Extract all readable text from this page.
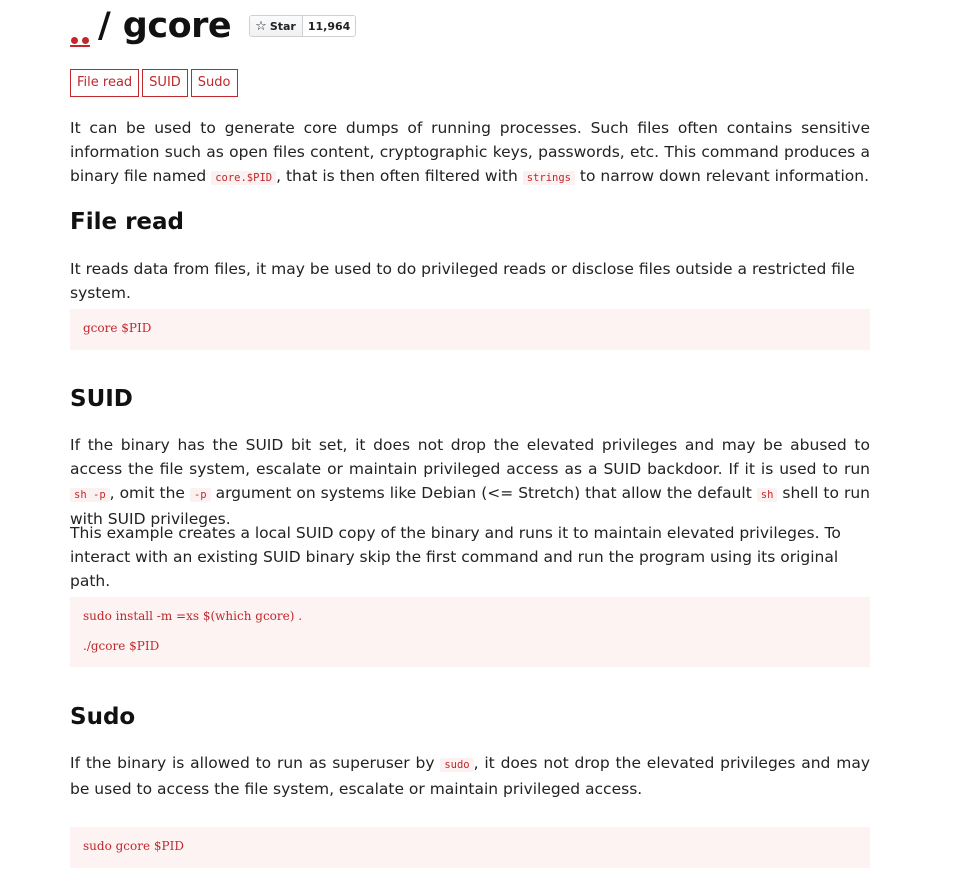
/ gcore ☆ Star	11,964
File read	SUID	Sudo

It can be used to generate core dumps of running processes. Such files often contains sensitive information such as open files content, cryptographic keys, passwords, etc. This command produces a binary file named core.$PID , that is then often filtered with strings to narrow down relevant information.

File read

It reads data from files, it may be used to do privileged reads or disclose files outside a restricted file system.

gcore $PID
SUID

If the binary has the SUID bit set, it does not drop the elevated privileges and may be abused to access the file system, escalate or maintain privileged access as a SUID backdoor. If it is used to run sh -p , omit the -p argument on systems like Debian (<= Stretch) that allow the default sh shell to run with SUID privileges.

This example creates a local SUID copy of the binary and runs it to maintain elevated privileges. To interact with an existing SUID binary skip the first command and run the program using its original path.

sudo install -m =xs $(which gcore) .
./gcore $PID
Sudo

If the binary is allowed to run as superuser by sudo , it does not drop the elevated privileges and may be used to access the file system, escalate or maintain privileged access.

sudo gcore $PID
